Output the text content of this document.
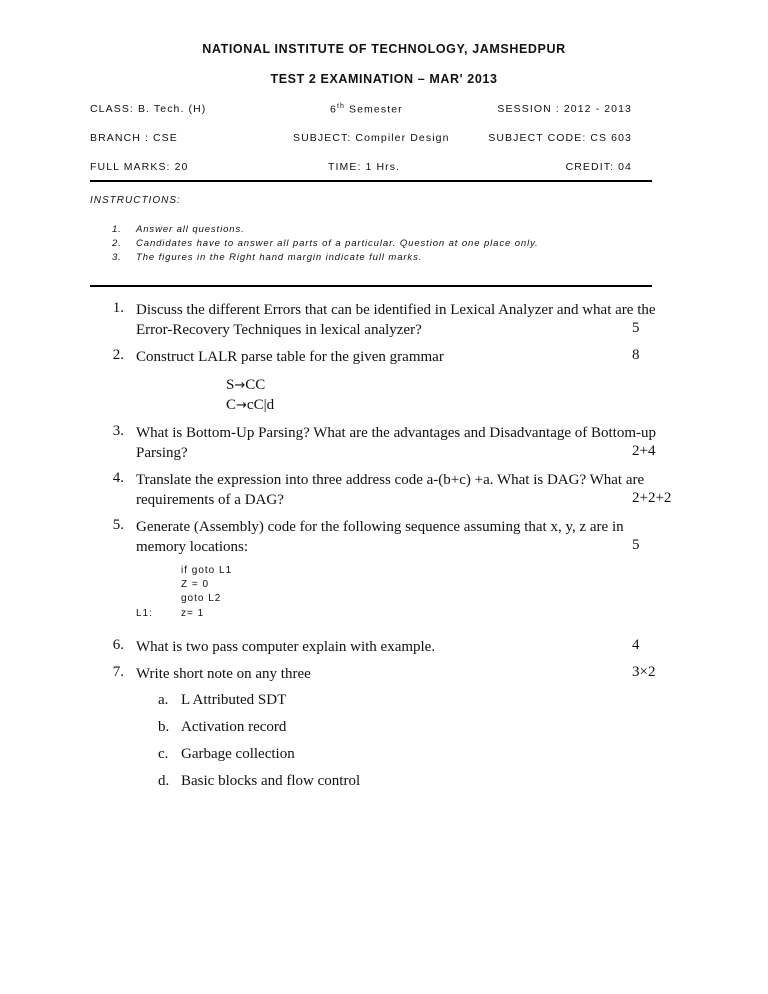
NATIONAL INSTITUTE OF TECHNOLOGY, JAMSHEDPUR
TEST 2 EXAMINATION – MAR' 2013
CLASS: B. Tech. (H)	6th Semester	SESSION : 2012 - 2013
BRANCH : CSE	SUBJECT: Compiler Design	SUBJECT CODE: CS 603
FULL MARKS: 20	TIME: 1 Hrs.	CREDIT: 04
INSTRUCTIONS:
1. Answer all questions.
2. Candidates have to answer all parts of a particular. Question at one place only.
3. The figures in the Right hand margin indicate full marks.
1. Discuss the different Errors that can be identified in Lexical Analyzer and what are the
Error-Recovery Techniques in lexical analyzer?	5
2. Construct LALR parse table for the given grammar	8
S→CC
C→cC|d
3. What is Bottom-Up Parsing? What are the advantages and Disadvantage of Bottom-up
Parsing?	2+4
4. Translate the expression into three address code a-(b+c) +a. What is DAG? What are
requirements of a DAG?	2+2+2
5. Generate (Assembly) code for the following sequence assuming that x, y, z are in
memory locations:	5
if goto L1
Z = 0
goto L2
L1:	z= 1
6. What is two pass computer explain with example.	4
7. Write short note on any three	3×2
a. L Attributed SDT
b. Activation record
c. Garbage collection
d. Basic blocks and flow control
